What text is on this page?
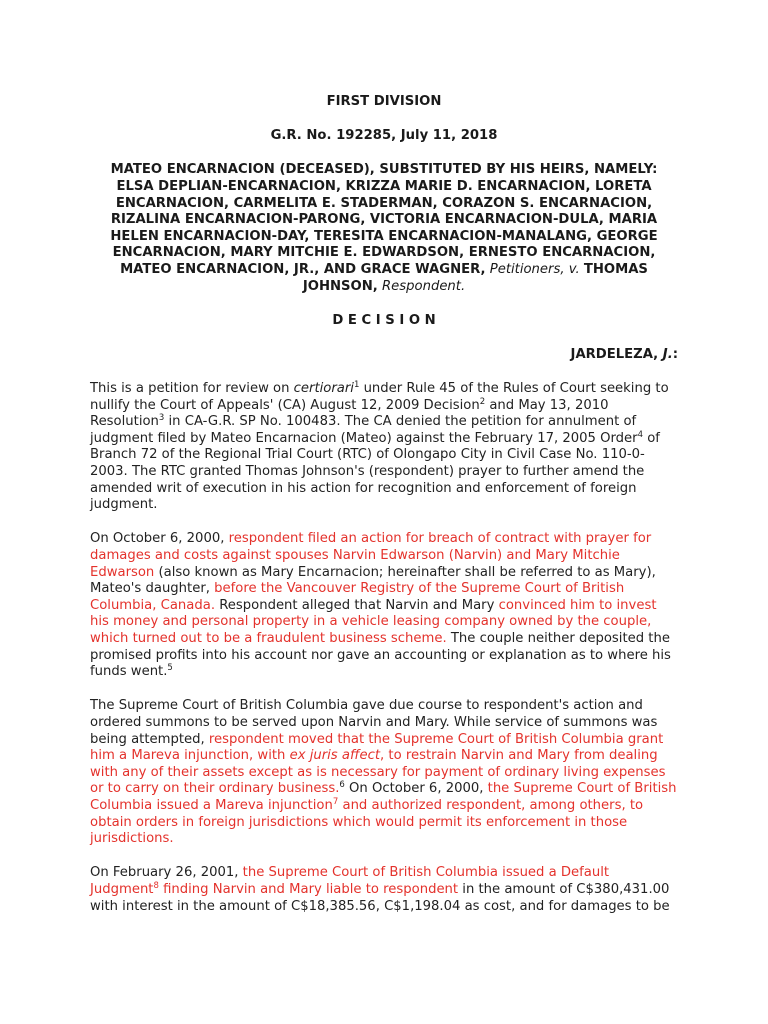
FIRST DIVISION

G.R. No. 192285, July 11, 2018

MATEO ENCARNACION (DECEASED), SUBSTITUTED BY HIS HEIRS, NAMELY: ELSA DEPLIAN-ENCARNACION, KRIZZA MARIE D. ENCARNACION, LORETA ENCARNACION, CARMELITA E. STADERMAN, CORAZON S. ENCARNACION, RIZALINA ENCARNACION-PARONG, VICTORIA ENCARNACION-DULA, MARIA HELEN ENCARNACION-DAY, TERESITA ENCARNACION-MANALANG, GEORGE ENCARNACION, MARY MITCHIE E. EDWARDSON, ERNESTO ENCARNACION, MATEO ENCARNACION, JR., AND GRACE WAGNER, Petitioners, v. THOMAS JOHNSON, Respondent.

D E C I S I O N

JARDELEZA, J.:

This is a petition for review on certiorari$^1$ under Rule 45 of the Rules of Court seeking to nullify the Court of Appeals' (CA) August 12, 2009 Decision$^2$ and May 13, 2010 Resolution$^3$ in CA-G.R. SP No. 100483. The CA denied the petition for annulment of judgment filed by Mateo Encarnacion (Mateo) against the February 17, 2005 Order$^4$ of Branch 72 of the Regional Trial Court (RTC) of Olongapo City in Civil Case No. 110-0-2003. The RTC granted Thomas Johnson's (respondent) prayer to further amend the amended writ of execution in his action for recognition and enforcement of foreign judgment.

On October 6, 2000, respondent filed an action for breach of contract with prayer for damages and costs against spouses Narvin Edwarson (Narvin) and Mary Mitchie Edwarson (also known as Mary Encarnacion; hereinafter shall be referred to as Mary), Mateo's daughter, before the Vancouver Registry of the Supreme Court of British Columbia, Canada. Respondent alleged that Narvin and Mary convinced him to invest his money and personal property in a vehicle leasing company owned by the couple, which turned out to be a fraudulent business scheme. The couple neither deposited the promised profits into his account nor gave an accounting or explanation as to where his funds went.$^5$

The Supreme Court of British Columbia gave due course to respondent's action and ordered summons to be served upon Narvin and Mary. While service of summons was being attempted, respondent moved that the Supreme Court of British Columbia grant him a Mareva injunction, with ex juris affect, to restrain Narvin and Mary from dealing with any of their assets except as is necessary for payment of ordinary living expenses or to carry on their ordinary business.$^6$ On October 6, 2000, the Supreme Court of British Columbia issued a Mareva injunction$^7$ and authorized respondent, among others, to obtain orders in foreign jurisdictions which would permit its enforcement in those jurisdictions.

On February 26, 2001, the Supreme Court of British Columbia issued a Default Judgment$^8$ finding Narvin and Mary liable to respondent in the amount of C$380,431.00 with interest in the amount of C$18,385.56, C$1,198.04 as cost, and for damages to be
